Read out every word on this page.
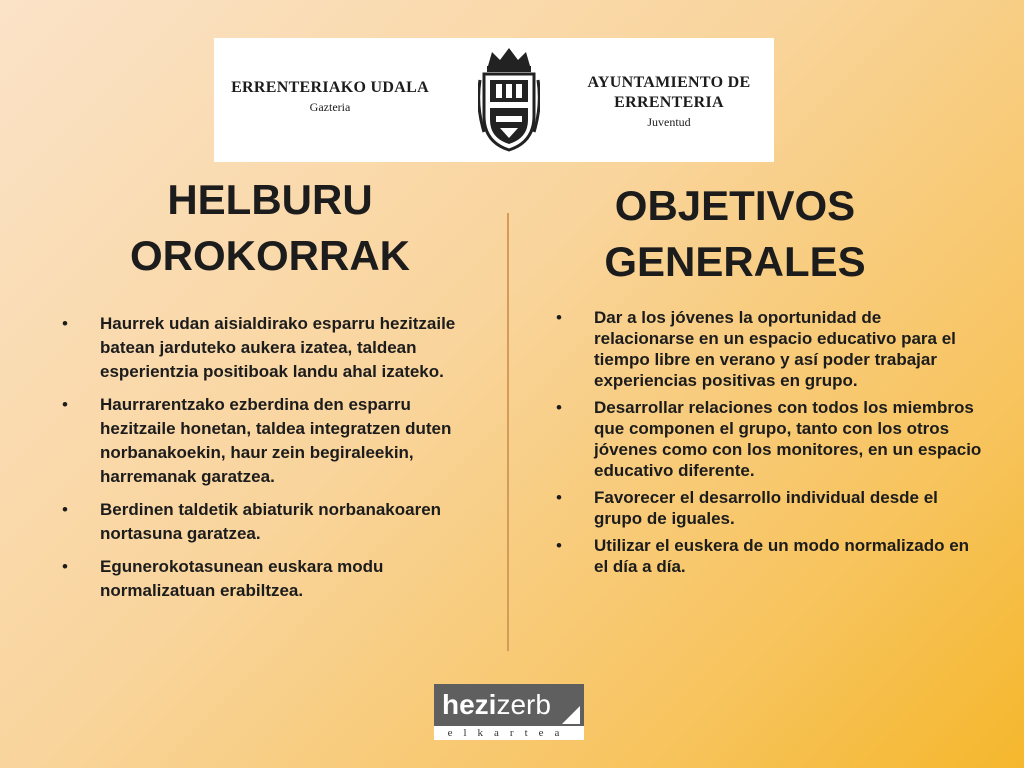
ERRENTERIAKO UDALA
Gazteria
AYUNTAMIENTO DE
ERRENTERIA
Juventud
HELBURU
OROKORRAK
OBJETIVOS
GENERALES
• Haurrek udan aisialdirako esparru hezitzaile batean jarduteko aukera izatea, taldean esperientzia positiboak landu ahal izateko.
• Haurrarentzako ezberdina den esparru hezitzaile honetan, taldea integratzen duten norbanakoekin, haur zein begiraleekin, harremanak garatzea.
• Berdinen taldetik abiaturik norbanakoaren nortasuna garatzea.
• Egunerokotasunean euskara modu normalizatuan erabiltzea.
• Dar a los jóvenes la oportunidad de relacionarse en un espacio educativo para el tiempo libre en verano y así poder trabajar experiencias positivas en grupo.
• Desarrollar relaciones con todos los miembros que componen el grupo, tanto con los otros jóvenes como con los monitores, en un espacio educativo diferente.
• Favorecer el desarrollo individual desde el grupo de iguales.
• Utilizar el euskera de un modo normalizado en el día a día.
hezizerb
elkartea
